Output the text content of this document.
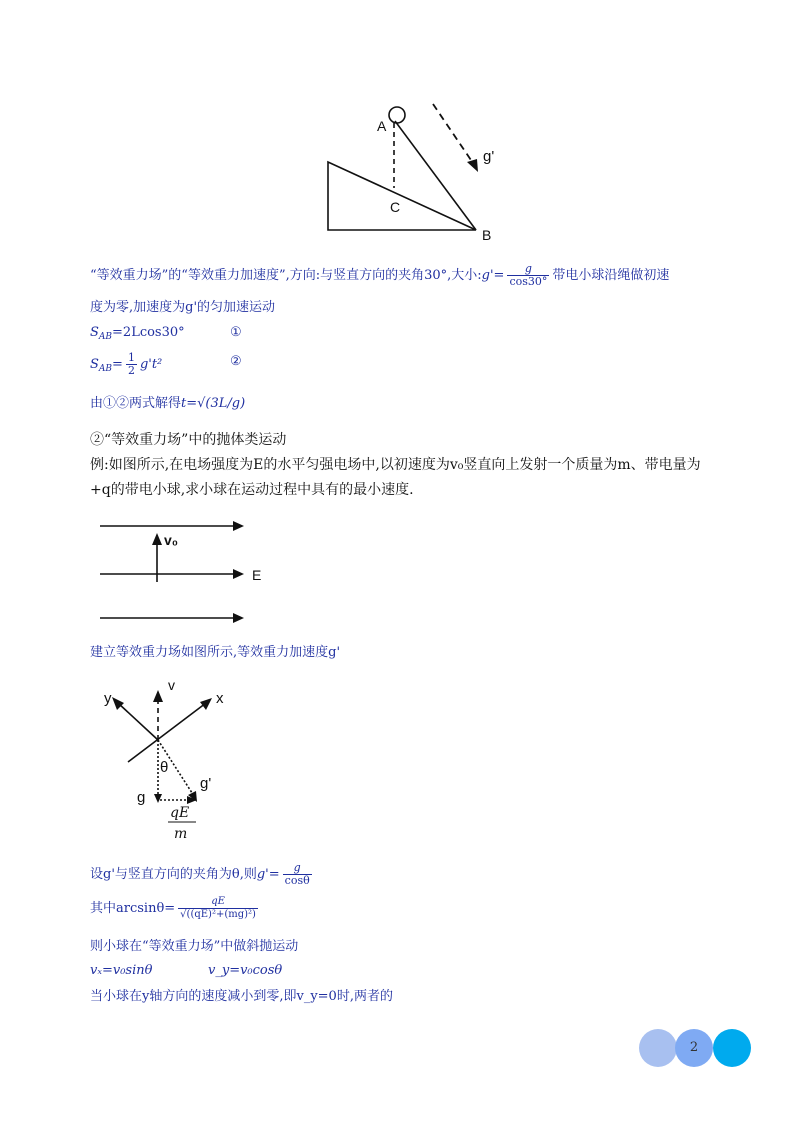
A
C
B
g'
“等效重力场”的“等效重力加速度”,方向:与竖直方向的夹角30°,大小:g'= $\frac{g}{\cos 30^\circ}$ 带电小球沿绳做初速
度为零,加速度为g'的匀加速运动
$S_{AB}=2Lcos30^\circ$	①
$S_{AB}= \frac{1}{2} g't^2$	②
由①②两式解得t=√(3L/g)
②“等效重力场”中的抛体类运动
例:如图所示,在电场强度为E的水平匀强电场中,以初速度为v₀竖直向上发射一个质量为m、带电量为
+q的带电小球,求小球在运动过程中具有的最小速度.
v₀
E
建立等效重力场如图所示,等效重力加速度g'
y
v
x
θ
g
g'
qE
m
设g'与竖直方向的夹角为θ,则$g'= \frac{g}{\cos\theta}$
其中$\arcsin\theta= \frac{qE}{\text{√((qE)²+(mg)²)}}$
则小球在“等效重力场”中做斜抛运动
vₓ=v₀sinθ	v_y=v₀cosθ
当小球在y轴方向的速度减小到零,即v_y=0时,两者的
2
